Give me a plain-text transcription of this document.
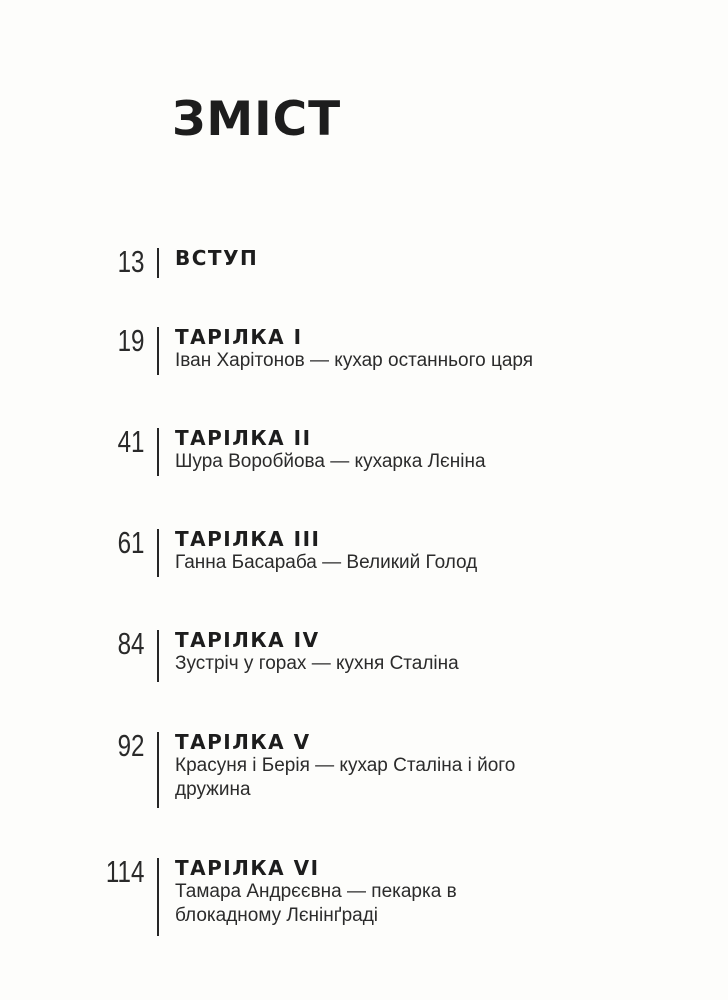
ЗМІСТ
13 ВСТУП

19 ТАРІЛКА І

Іван Харітонов — кухар останнього царя

41 ТАРІЛКА ІІ

Шура Воробйова — кухарка Лєніна

61 ТАРІЛКА ІІІ

Ганна Басараба — Великий Голод

84 ТАРІЛКА IV

Зустріч у горах — кухня Сталіна

92 ТАРІЛКА V

Красуня і Берія — кухар Сталіна і його дружина

114 ТАРІЛКА VI

Тамара Андрєєвна — пекарка в блокадному Лєнінґраді
